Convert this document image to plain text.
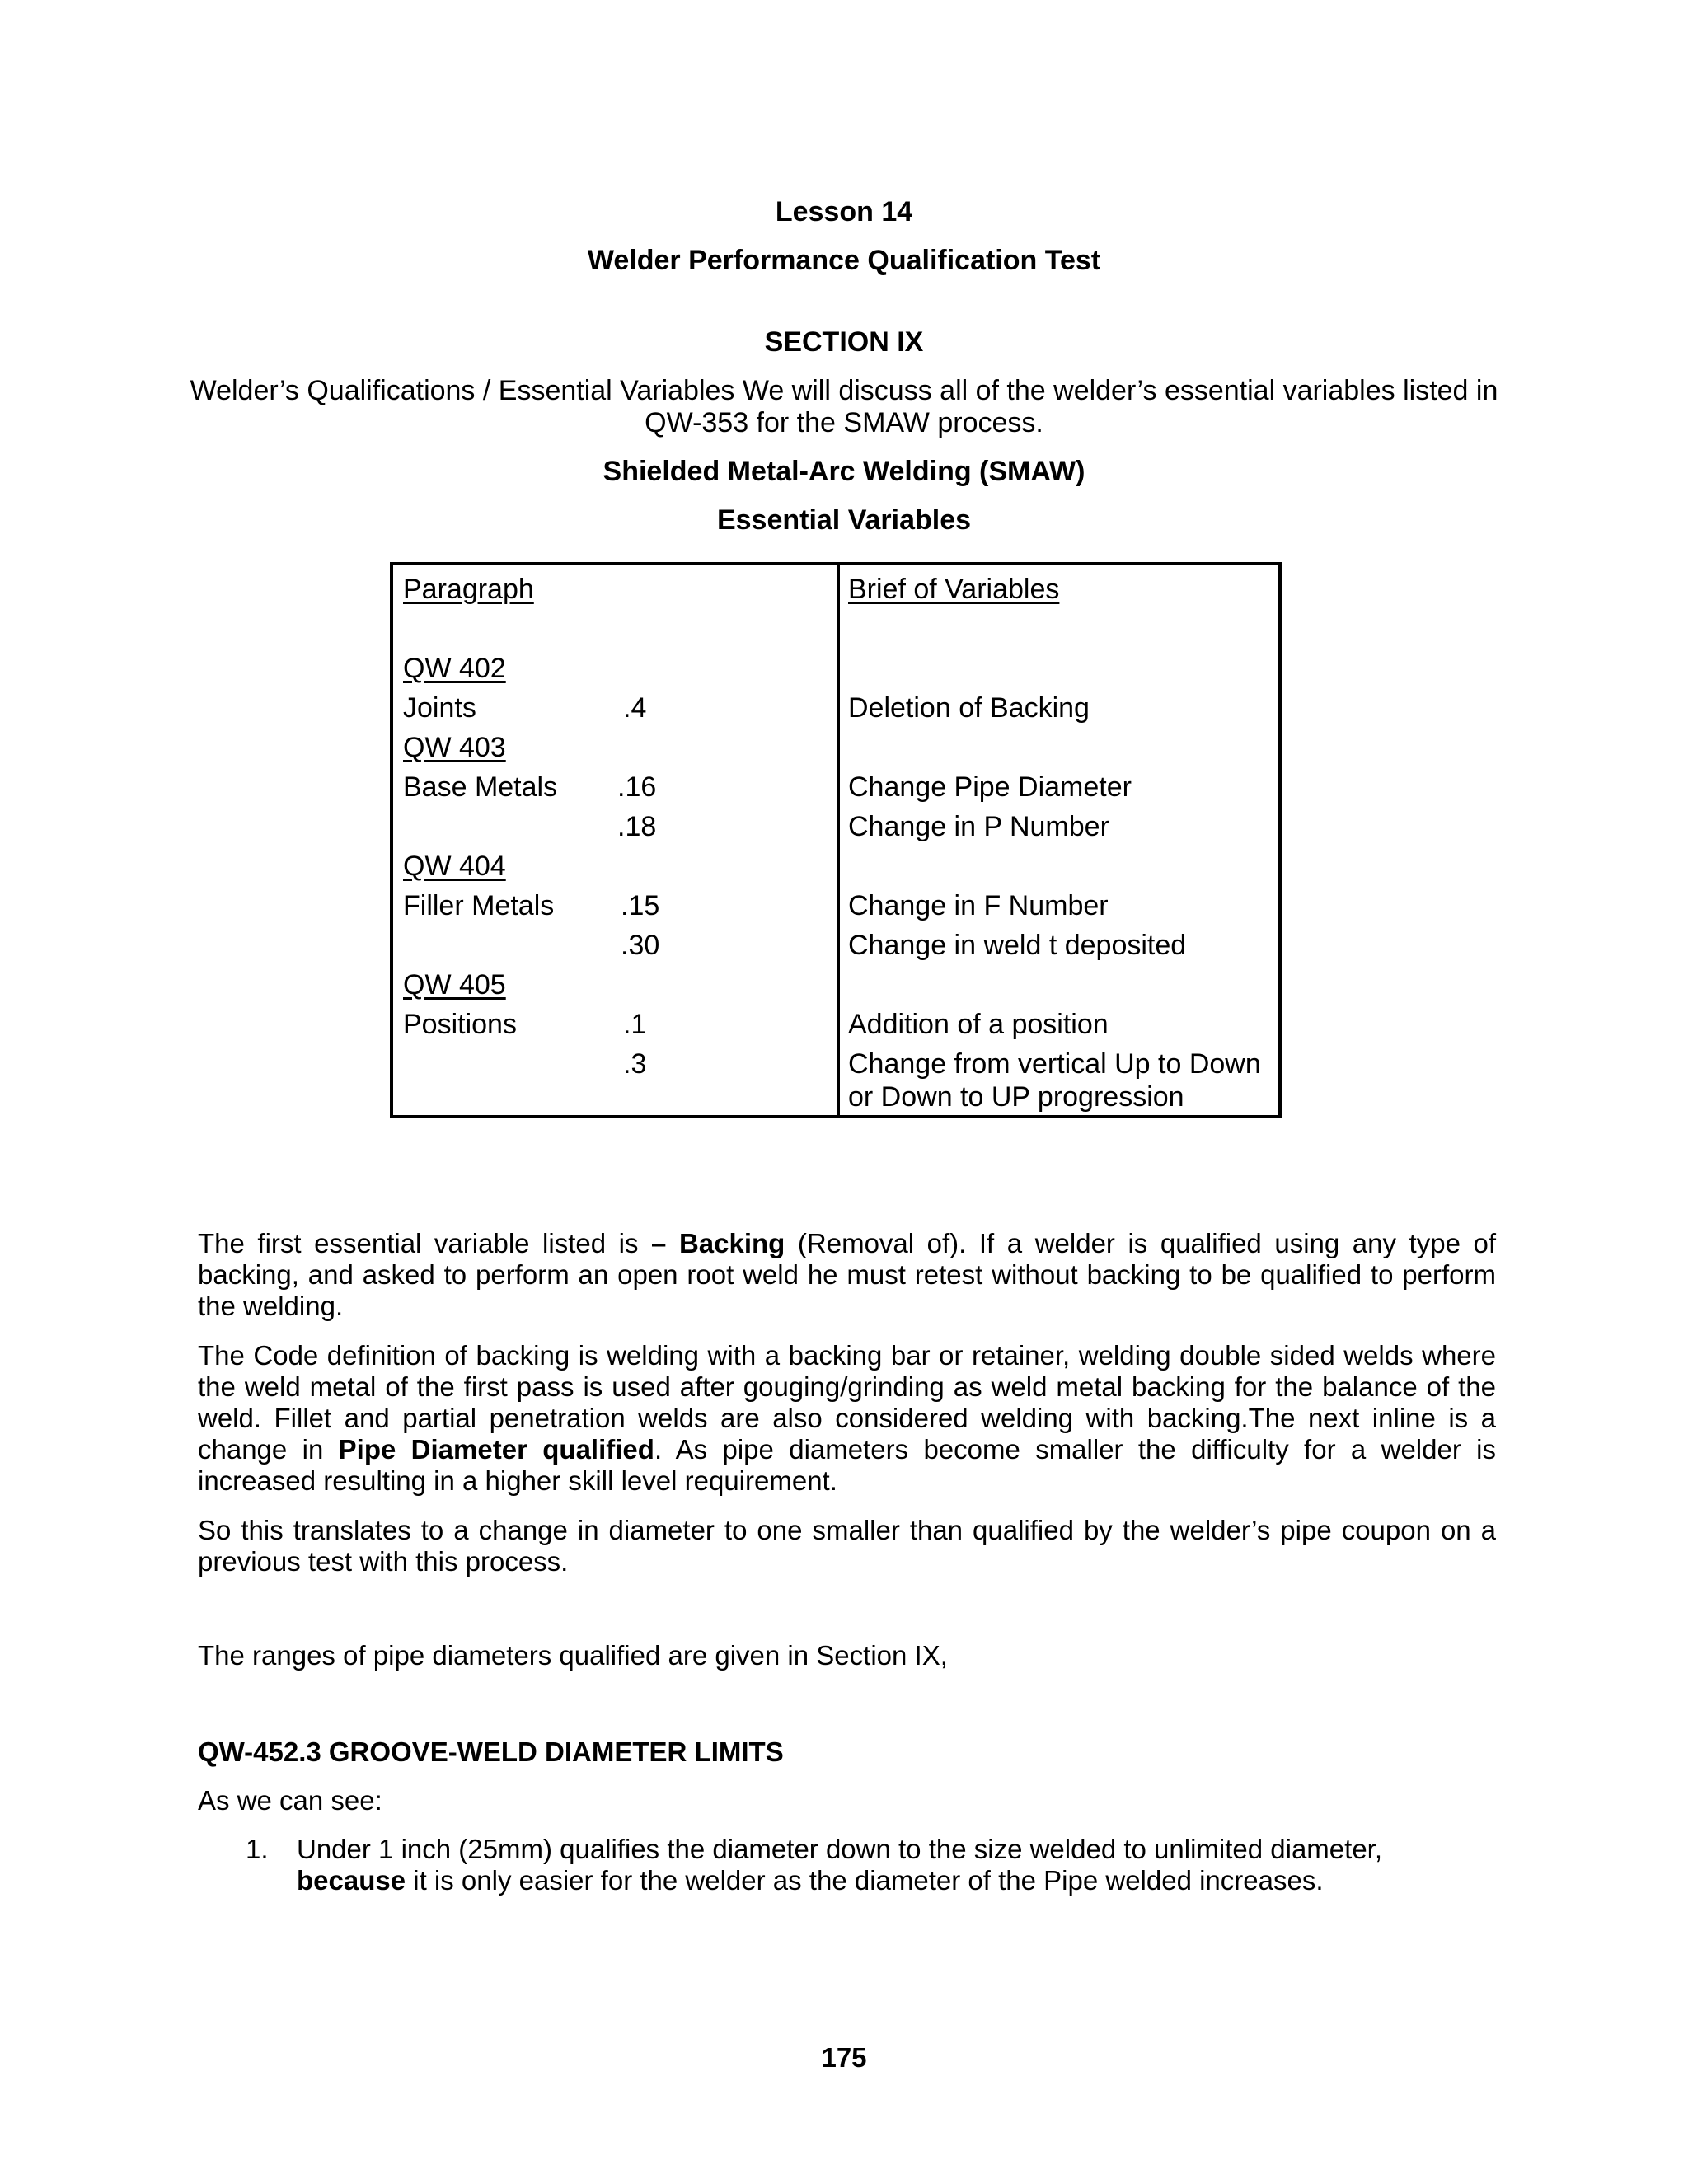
Lesson 14
Welder Performance Qualification Test
SECTION IX
Welder’s Qualifications / Essential Variables We will discuss all of the welder’s essential variables listed in
QW-353 for the SMAW process.
Shielded Metal-Arc Welding (SMAW)
Essential Variables
Paragraph	Brief of Variables
QW 402
Joints	.4	Deletion of Backing
QW 403
Base Metals .16	Change Pipe Diameter
.18	Change in P Number
QW 404
Filler Metals .15	Change in F Number
.30	Change in weld t deposited
QW 405
Positions	.1	Addition of a position
.3	Change from vertical Up to Down
or Down to UP progression
The first essential variable listed is – Backing (Removal of). If a welder is qualified using any type of backing, and asked to perform an open root weld he must retest without backing to be qualified to perform the welding.
The Code definition of backing is welding with a backing bar or retainer, welding double sided welds where the weld metal of the first pass is used after gouging/grinding as weld metal backing for the balance of the weld. Fillet and partial penetration welds are also considered welding with backing.The next inline is a change in Pipe Diameter qualified. As pipe diameters become smaller the difficulty for a welder is increased resulting in a higher skill level requirement.
So this translates to a change in diameter to one smaller than qualified by the welder’s pipe coupon on a previous test with this process.
The ranges of pipe diameters qualified are given in Section IX,
QW-452.3 GROOVE-WELD DIAMETER LIMITS
As we can see:
1. Under 1 inch (25mm) qualifies the diameter down to the size welded to unlimited diameter,
because it is only easier for the welder as the diameter of the Pipe welded increases.
175
